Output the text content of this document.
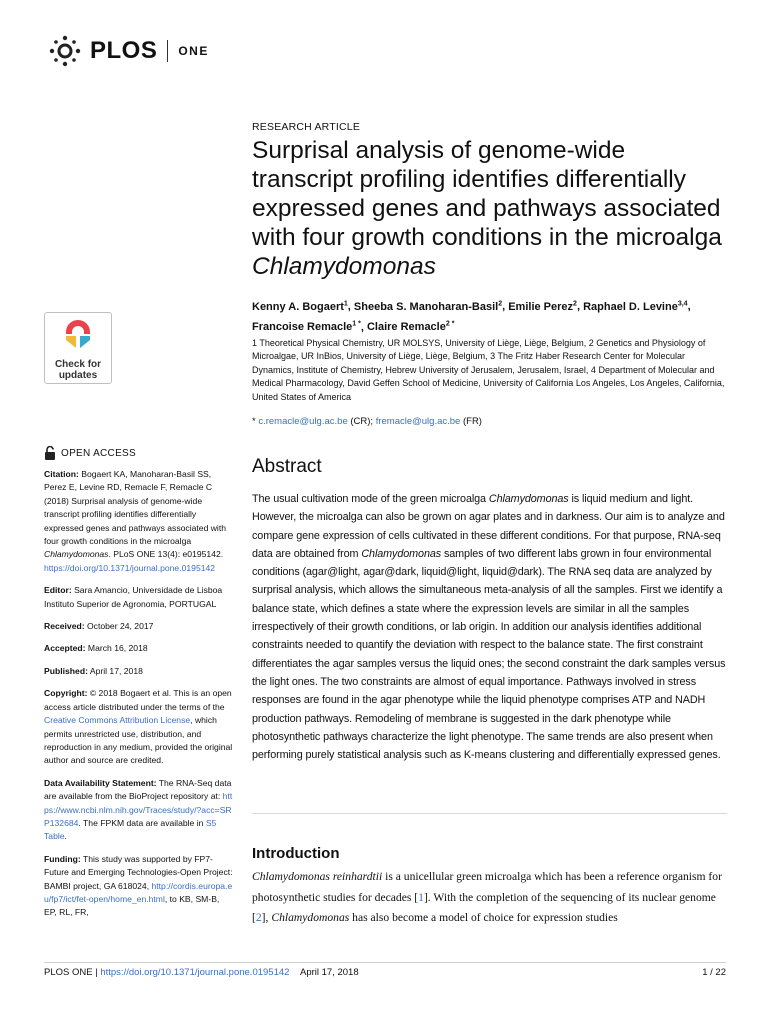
PLOS ONE
RESEARCH ARTICLE
Surprisal analysis of genome-wide transcript profiling identifies differentially expressed genes and pathways associated with four growth conditions in the microalga Chlamydomonas
Kenny A. Bogaert$^1$, Sheeba S. Manoharan-Basil$^2$, Emilie Perez$^2$, Raphael D. Levine$^{3,4}$, Francoise Remacle$^{1 *}$, Claire Remacle$^{2 *}$
1 Theoretical Physical Chemistry, UR MOLSYS, University of Liège, Liège, Belgium, 2 Genetics and Physiology of Microalgae, UR InBios, University of Liège, Liège, Belgium, 3 The Fritz Haber Research Center for Molecular Dynamics, Institute of Chemistry, Hebrew University of Jerusalem, Jerusalem, Israel, 4 Department of Molecular and Medical Pharmacology, David Geffen School of Medicine, University of California Los Angeles, Los Angeles, California, United States of America
* c.remacle@ulg.ac.be (CR); fremacle@ulg.ac.be (FR)
Check for
updates
OPEN ACCESS

Citation: Bogaert KA, Manoharan-Basil SS, Perez E, Levine RD, Remacle F, Remacle C (2018) Surprisal analysis of genome-wide transcript profiling identifies differentially expressed genes and pathways associated with four growth conditions in the microalga Chlamydomonas. PLoS ONE 13(4): e0195142. https://doi.org/10.1371/journal.pone.0195142

Editor: Sara Amancio, Universidade de Lisboa Instituto Superior de Agronomia, PORTUGAL

Received: October 24, 2017

Accepted: March 16, 2018

Published: April 17, 2018

Copyright: © 2018 Bogaert et al. This is an open access article distributed under the terms of the Creative Commons Attribution License, which permits unrestricted use, distribution, and reproduction in any medium, provided the original author and source are credited.

Data Availability Statement: The RNA-Seq data are available from the BioProject repository at: https://www.ncbi.nlm.nih.gov/Traces/study/?acc=SRP132684. The FPKM data are available in S5 Table.

Funding: This study was supported by FP7-Future and Emerging Technologies-Open Project: BAMBI project, GA 618024, http://cordis.europa.eu/fp7/ict/fet-open/home_en.html, to KB, SM-B, EP, RL, FR,

Abstract

The usual cultivation mode of the green microalga Chlamydomonas is liquid medium and light. However, the microalga can also be grown on agar plates and in darkness. Our aim is to analyze and compare gene expression of cells cultivated in these different conditions. For that purpose, RNA-seq data are obtained from Chlamydomonas samples of two different labs grown in four environmental conditions (agar@light, agar@dark, liquid@light, liquid@dark). The RNA seq data are analyzed by surprisal analysis, which allows the simultaneous meta-analysis of all the samples. First we identify a balance state, which defines a state where the expression levels are similar in all the samples irrespectively of their growth conditions, or lab origin. In addition our analysis identifies additional constraints needed to quantify the deviation with respect to the balance state. The first constraint differentiates the agar samples versus the liquid ones; the second constraint the dark samples versus the light ones. The two constraints are almost of equal importance. Pathways involved in stress responses are found in the agar phenotype while the liquid phenotype comprises ATP and NADH production pathways. Remodeling of membrane is suggested in the dark phenotype while photosynthetic pathways characterize the light phenotype. The same trends are also present when performing purely statistical analysis such as K-means clustering and differentially expressed genes.

Introduction

Chlamydomonas reinhardtii is a unicellular green microalga which has been a reference organism for photosynthetic studies for decades [1]. With the completion of the sequencing of its nuclear genome [2], Chlamydomonas has also become a model of choice for expression studies

PLOS ONE | https://doi.org/10.1371/journal.pone.0195142 April 17, 2018	1 / 22
